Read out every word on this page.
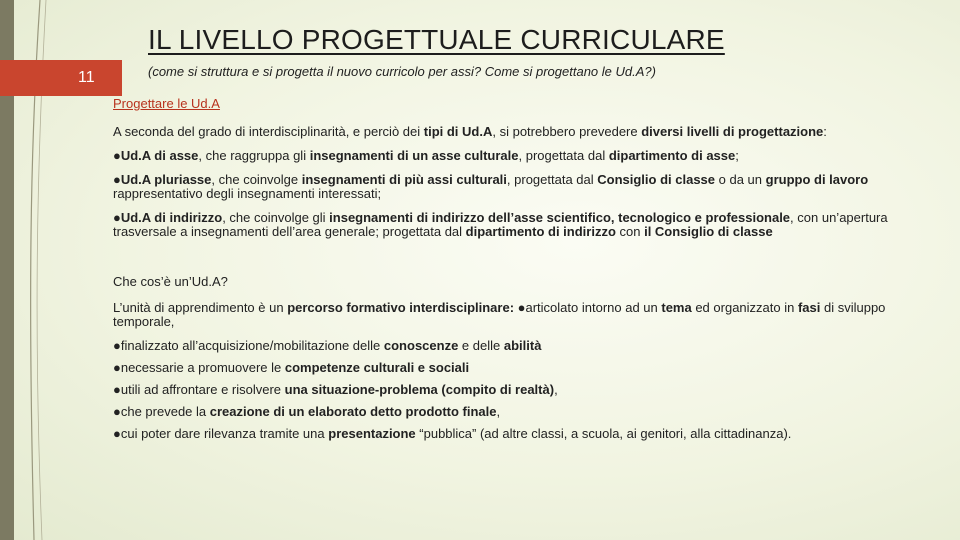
11
IL LIVELLO PROGETTUALE CURRICULARE
(come si struttura e si progetta il nuovo curricolo per assi? Come si progettano le Ud.A?)
Progettare le Ud.A

A seconda del grado di interdisciplinarità, e perciò dei tipi di Ud.A, si potrebbero prevedere diversi livelli di progettazione:

●Ud.A di asse, che raggruppa gli insegnamenti di un asse culturale, progettata dal dipartimento di asse;

●Ud.A pluriasse, che coinvolge insegnamenti di più assi culturali, progettata dal Consiglio di classe o da un gruppo di lavoro rappresentativo degli insegnamenti interessati;

●Ud.A di indirizzo, che coinvolge gli insegnamenti di indirizzo dell’asse scientifico, tecnologico e professionale, con un’apertura trasversale a insegnamenti dell’area generale; progettata dal dipartimento di indirizzo con il Consiglio di classe

Che cos’è un’Ud.A?

L’unità di apprendimento è un percorso formativo interdisciplinare: ●articolato intorno ad un tema ed organizzato in fasi di sviluppo temporale,

●finalizzato all’acquisizione/mobilitazione delle conoscenze e delle abilità

●necessarie a promuovere le competenze culturali e sociali

●utili ad affrontare e risolvere una situazione-problema (compito di realtà),

●che prevede la creazione di un elaborato detto prodotto finale,

●cui poter dare rilevanza tramite una presentazione “pubblica” (ad altre classi, a scuola, ai genitori, alla cittadinanza).
